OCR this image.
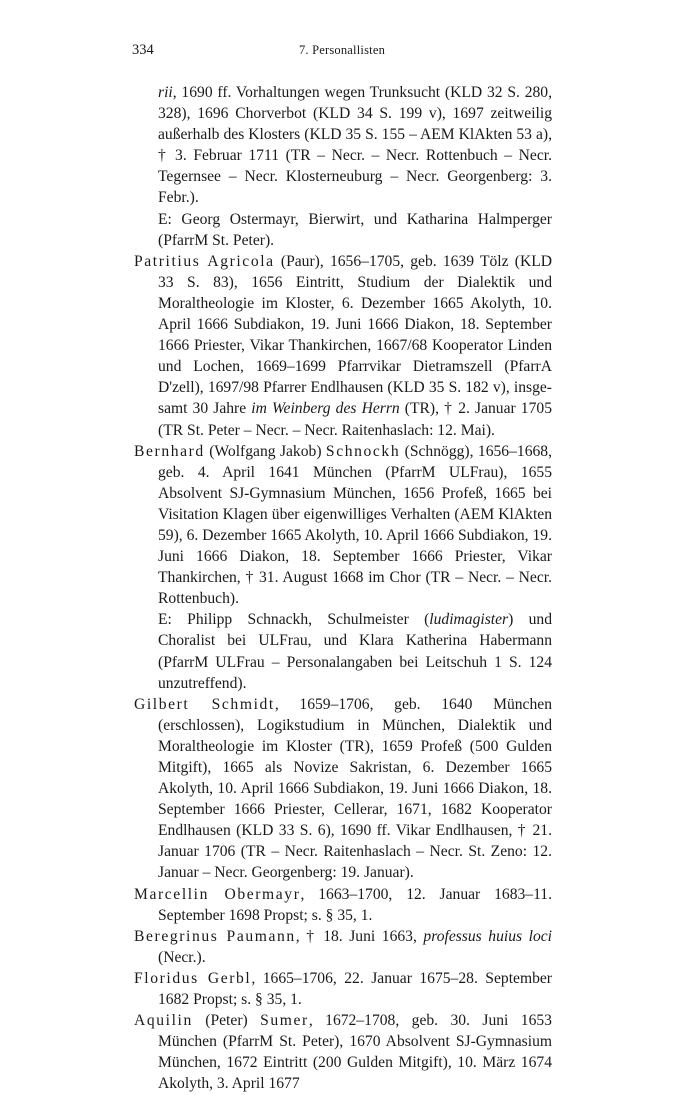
334	7. Personallisten

rii, 1690 ff. Vorhaltungen wegen Trunksucht (KLD 32 S. 280, 328), 1696 Chorverbot (KLD 34 S. 199 v), 1697 zeitweilig außerhalb des Klosters (KLD 35 S. 155 – AEM KlAkten 53 a), † 3. Februar 1711 (TR – Necr. – Necr. Rottenbuch – Necr. Tegernsee – Necr. Klosterneuburg – Necr. Georgenberg: 3. Febr.).

E: Georg Ostermayr, Bierwirt, und Katharina Halmperger (PfarrM St. Peter).

Patritius Agricola (Paur), 1656–1705, geb. 1639 Tölz (KLD 33 S. 83), 1656 Eintritt, Studium der Dialektik und Moraltheologie im Kloster, 6. Dezember 1665 Akolyth, 10. April 1666 Subdiakon, 19. Juni 1666 Diakon, 18. September 1666 Priester, Vikar Thankirchen, 1667/68 Kooperator Linden und Lochen, 1669–1699 Pfarrvikar Dietramszell (PfarrA D'zell), 1697/98 Pfarrer Endlhausen (KLD 35 S. 182 v), insgesamt 30 Jahre im Weinberg des Herrn (TR), † 2. Januar 1705 (TR St. Peter – Necr. – Necr. Raitenhaslach: 12. Mai).

Bernhard (Wolfgang Jakob) Schnockh (Schnögg), 1656–1668, geb. 4. April 1641 München (PfarrM ULFrau), 1655 Absolvent SJ-Gymnasium München, 1656 Profeß, 1665 bei Visitation Klagen über eigenwilliges Verhalten (AEM KlAkten 59), 6. Dezember 1665 Akolyth, 10. April 1666 Subdiakon, 19. Juni 1666 Diakon, 18. September 1666 Priester, Vikar Thankirchen, † 31. August 1668 im Chor (TR – Necr. – Necr. Rottenbuch).

E: Philipp Schnackh, Schulmeister (ludimagister) und Choralist bei ULFrau, und Klara Katherina Habermann (PfarrM ULFrau – Personalangaben bei Leitschuh 1 S. 124 unzutreffend).

Gilbert Schmidt, 1659–1706, geb. 1640 München (erschlossen), Logikstudium in München, Dialektik und Moraltheologie im Kloster (TR), 1659 Profeß (500 Gulden Mitgift), 1665 als Novize Sakristan, 6. Dezember 1665 Akolyth, 10. April 1666 Subdiakon, 19. Juni 1666 Diakon, 18. September 1666 Priester, Cellerar, 1671, 1682 Kooperator Endlhausen (KLD 33 S. 6), 1690 ff. Vikar Endlhausen, † 21. Januar 1706 (TR – Necr. Raitenhaslach – Necr. St. Zeno: 12. Januar – Necr. Georgenberg: 19. Januar).

Marcellin Obermayr, 1663–1700, 12. Januar 1683–11. September 1698 Propst; s. § 35, 1.

Beregrinus Paumann, † 18. Juni 1663, professus huius loci (Necr.).

Floridus Gerbl, 1665–1706, 22. Januar 1675–28. September 1682 Propst; s. § 35, 1.

Aquilin (Peter) Sumer, 1672–1708, geb. 30. Juni 1653 München (PfarrM St. Peter), 1670 Absolvent SJ-Gymnasium München, 1672 Eintritt (200 Gulden Mitgift), 10. März 1674 Akolyth, 3. April 1677
